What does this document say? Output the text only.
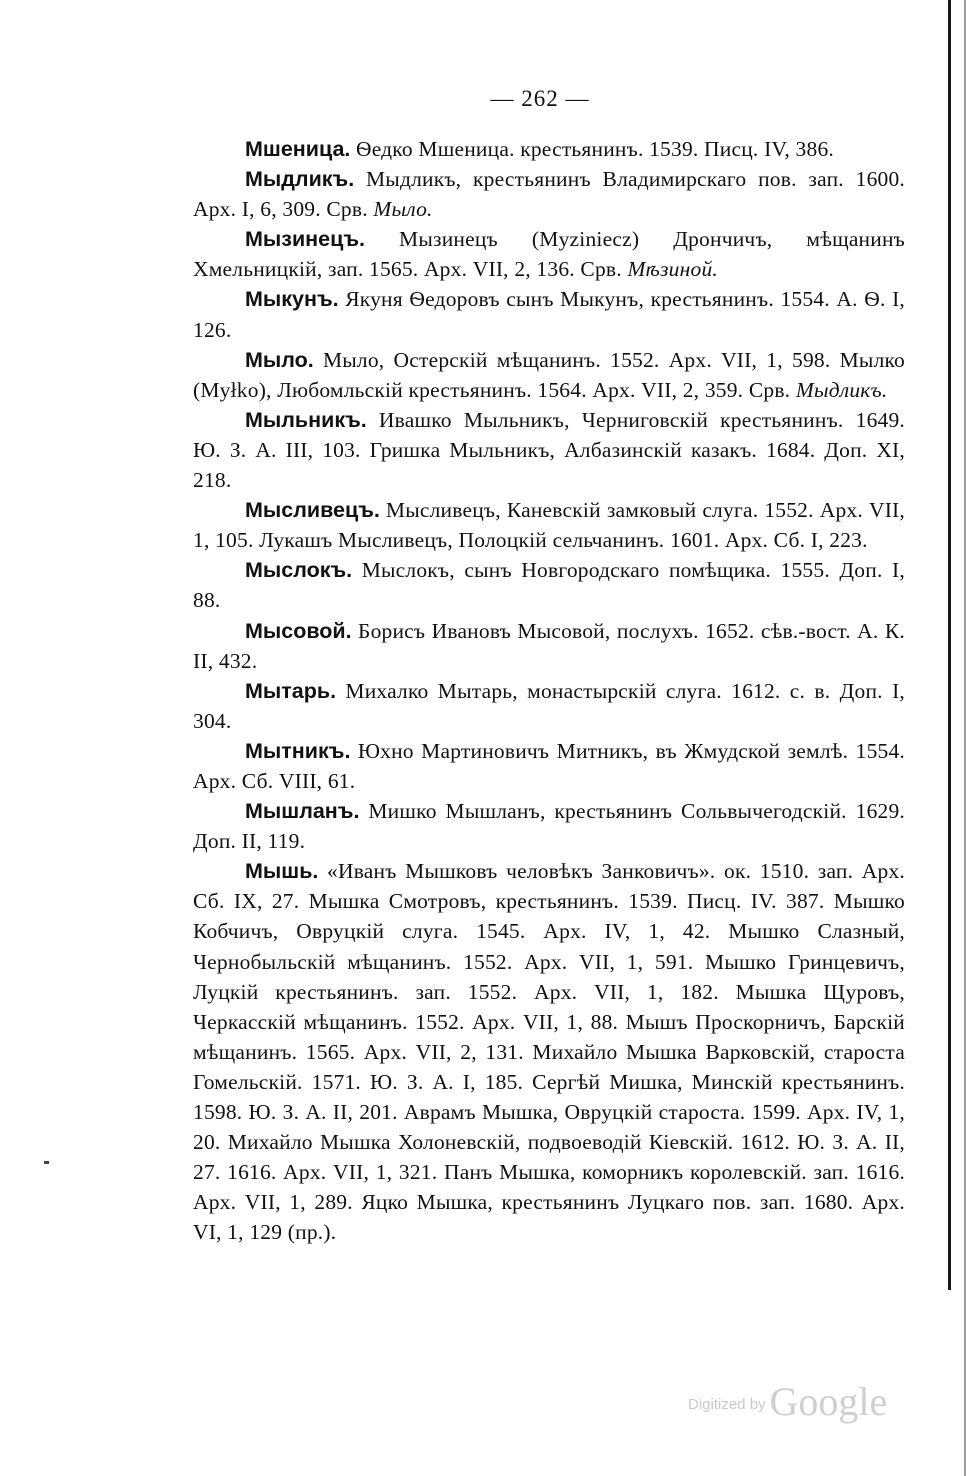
— 262 —

Мшеница. Ѳедко Мшеница. крестьянинъ. 1539. Писц. IV, 386.

Мыдликъ. Мыдликъ, крестьянинъ Владимирскаго пов. зап. 1600. Арх. I, 6, 309. Срв. Мыло.

Мызинецъ. Мызинецъ (Myziniecz) Дрончичъ, мѣщанинъ Хмельницкій, зап. 1565. Арх. VII, 2, 136. Срв. Мѣзиной.

Мыкунъ. Якуня Ѳедоровъ сынъ Мыкунъ, крестьянинъ. 1554. А. Ѳ. I, 126.

Мыло. Мыло, Остерскій мѣщанинъ. 1552. Арх. VII, 1, 598. Мылко (Myłko), Любомльскій крестьянинъ. 1564. Арх. VII, 2, 359. Срв. Мыдликъ.

Мыльникъ. Ивашко Мыльникъ, Черниговскій крестьянинъ. 1649. Ю. З. А. III, 103. Гришка Мыльникъ, Албазинскій казакъ. 1684. Доп. XI, 218.

Мысливецъ. Мысливецъ, Каневскій замковый слуга. 1552. Арх. VII, 1, 105. Лукашъ Мысливецъ, Полоцкій сельчанинъ. 1601. Арх. Сб. I, 223.

Мыслокъ. Мыслокъ, сынъ Новгородскаго помѣщика. 1555. Доп. I, 88.

Мысовой. Борисъ Ивановъ Мысовой, послухъ. 1652. сѣв.-вост. А. К. II, 432.

Мытарь. Михалко Мытарь, монастырскій слуга. 1612. с. в. Доп. I, 304.

Мытникъ. Юхно Мартиновичъ Митникъ, въ Жмудской землѣ. 1554. Арх. Сб. VIII, 61.

Мышланъ. Мишко Мышланъ, крестьянинъ Сольвычегодскій. 1629. Доп. II, 119.

Мышь. «Иванъ Мышковъ человѣкъ Занковичъ». ок. 1510. зап. Арх. Сб. IX, 27. Мышка Смотровъ, крестьянинъ. 1539. Писц. IV. 387. Мышко Кобчичъ, Овруцкій слуга. 1545. Арх. IV, 1, 42. Мышко Слазный, Чернобыльскій мѣщанинъ. 1552. Арх. VII, 1, 591. Мышко Гринцевичъ, Луцкій крестьянинъ. зап. 1552. Арх. VII, 1, 182. Мышка Щуровъ, Черкасскій мѣщанинъ. 1552. Арх. VII, 1, 88. Мышъ Проскорничъ, Барскій мѣщанинъ. 1565. Арх. VII, 2, 131. Михайло Мышка Варковскій, староста Гомельскій. 1571. Ю. З. А. I, 185. Сергѣй Мишка, Минскій крестьянинъ. 1598. Ю. З. А. II, 201. Аврамъ Мышка, Овруцкій староста. 1599. Арх. IV, 1, 20. Михайло Мышка Холоневскій, подвоеводій Кіевскій. 1612. Ю. З. А. II, 27. 1616. Арх. VII, 1, 321. Панъ Мышка, коморникъ королевскій. зап. 1616. Арх. VII, 1, 289. Яцко Мышка, крестьянинъ Луцкаго пов. зап. 1680. Арх. VI, 1, 129 (пр.).

Digitized by Google
